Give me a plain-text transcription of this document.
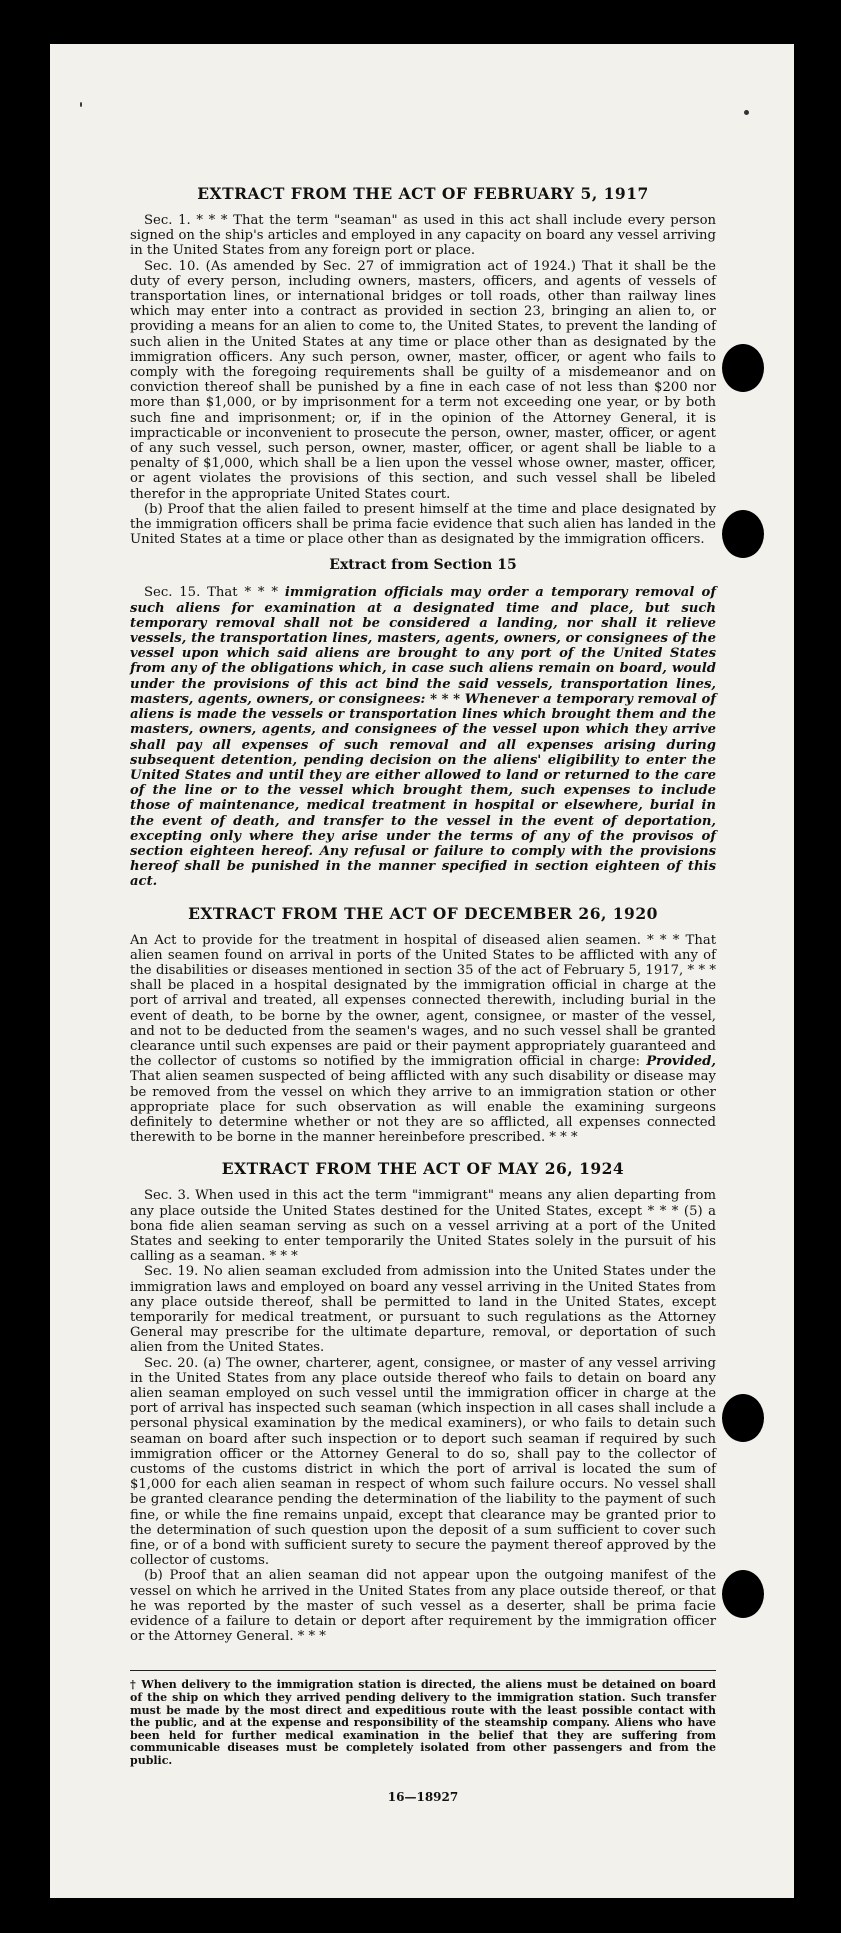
EXTRACT FROM THE ACT OF FEBRUARY 5, 1917

Sec. 1. * * * That the term "seaman" as used in this act shall include every person signed on the ship's articles and employed in any capacity on board any vessel arriving in the United States from any foreign port or place.

Sec. 10. (As amended by Sec. 27 of immigration act of 1924.) That it shall be the duty of every person, including owners, masters, officers, and agents of vessels of transportation lines, or international bridges or toll roads, other than railway lines which may enter into a contract as provided in section 23, bringing an alien to, or providing a means for an alien to come to, the United States, to prevent the landing of such alien in the United States at any time or place other than as designated by the immigration officers. Any such person, owner, master, officer, or agent who fails to comply with the foregoing requirements shall be guilty of a misdemeanor and on conviction thereof shall be punished by a fine in each case of not less than $200 nor more than $1,000, or by imprisonment for a term not exceeding one year, or by both such fine and imprisonment; or, if in the opinion of the Attorney General, it is impracticable or inconvenient to prosecute the person, owner, master, officer, or agent of any such vessel, such person, owner, master, officer, or agent shall be liable to a penalty of $1,000, which shall be a lien upon the vessel whose owner, master, officer, or agent violates the provisions of this section, and such vessel shall be libeled therefor in the appropriate United States court.

(b) Proof that the alien failed to present himself at the time and place designated by the immigration officers shall be prima facie evidence that such alien has landed in the United States at a time or place other than as designated by the immigration officers.

Extract from Section 15

Sec. 15. That * * * immigration officials may order a temporary removal of such aliens for examination at a designated time and place, but such temporary removal shall not be considered a landing, nor shall it relieve vessels, the transportation lines, masters, agents, owners, or consignees of the vessel upon which said aliens are brought to any port of the United States from any of the obligations which, in case such aliens remain on board, would under the provisions of this act bind the said vessels, transportation lines, masters, agents, owners, or consignees: * * * Whenever a temporary removal of aliens is made the vessels or transportation lines which brought them and the masters, owners, agents, and consignees of the vessel upon which they arrive shall pay all expenses of such removal and all expenses arising during subsequent detention, pending decision on the aliens' eligibility to enter the United States and until they are either allowed to land or returned to the care of the line or to the vessel which brought them, such expenses to include those of maintenance, medical treatment in hospital or elsewhere, burial in the event of death, and transfer to the vessel in the event of deportation, excepting only where they arise under the terms of any of the provisos of section eighteen hereof. Any refusal or failure to comply with the provisions hereof shall be punished in the manner specified in section eighteen of this act.

EXTRACT FROM THE ACT OF DECEMBER 26, 1920

An Act to provide for the treatment in hospital of diseased alien seamen. * * * That alien seamen found on arrival in ports of the United States to be afflicted with any of the disabilities or diseases mentioned in section 35 of the act of February 5, 1917, * * * shall be placed in a hospital designated by the immigration official in charge at the port of arrival and treated, all expenses connected therewith, including burial in the event of death, to be borne by the owner, agent, consignee, or master of the vessel, and not to be deducted from the seamen's wages, and no such vessel shall be granted clearance until such expenses are paid or their payment appropriately guaranteed and the collector of customs so notified by the immigration official in charge: Provided, That alien seamen suspected of being afflicted with any such disability or disease may be removed from the vessel on which they arrive to an immigration station or other appropriate place for such observation as will enable the examining surgeons definitely to determine whether or not they are so afflicted, all expenses connected therewith to be borne in the manner hereinbefore prescribed. * * *

EXTRACT FROM THE ACT OF MAY 26, 1924

Sec. 3. When used in this act the term "immigrant" means any alien departing from any place outside the United States destined for the United States, except * * * (5) a bona fide alien seaman serving as such on a vessel arriving at a port of the United States and seeking to enter temporarily the United States solely in the pursuit of his calling as a seaman. * * *

Sec. 19. No alien seaman excluded from admission into the United States under the immigration laws and employed on board any vessel arriving in the United States from any place outside thereof, shall be permitted to land in the United States, except temporarily for medical treatment, or pursuant to such regulations as the Attorney General may prescribe for the ultimate departure, removal, or deportation of such alien from the United States.

Sec. 20. (a) The owner, charterer, agent, consignee, or master of any vessel arriving in the United States from any place outside thereof who fails to detain on board any alien seaman employed on such vessel until the immigration officer in charge at the port of arrival has inspected such seaman (which inspection in all cases shall include a personal physical examination by the medical examiners), or who fails to detain such seaman on board after such inspection or to deport such seaman if required by such immigration officer or the Attorney General to do so, shall pay to the collector of customs of the customs district in which the port of arrival is located the sum of $1,000 for each alien seaman in respect of whom such failure occurs. No vessel shall be granted clearance pending the determination of the liability to the payment of such fine, or while the fine remains unpaid, except that clearance may be granted prior to the determination of such question upon the deposit of a sum sufficient to cover such fine, or of a bond with sufficient surety to secure the payment thereof approved by the collector of customs.

(b) Proof that an alien seaman did not appear upon the outgoing manifest of the vessel on which he arrived in the United States from any place outside thereof, or that he was reported by the master of such vessel as a deserter, shall be prima facie evidence of a failure to detain or deport after requirement by the immigration officer or the Attorney General. * * *

† When delivery to the immigration station is directed, the aliens must be detained on board of the ship on which they arrived pending delivery to the immigration station. Such transfer must be made by the most direct and expeditious route with the least possible contact with the public, and at the expense and responsibility of the steamship company. Aliens who have been held for further medical examination in the belief that they are suffering from communicable diseases must be completely isolated from other passengers and from the public.
16—18927
